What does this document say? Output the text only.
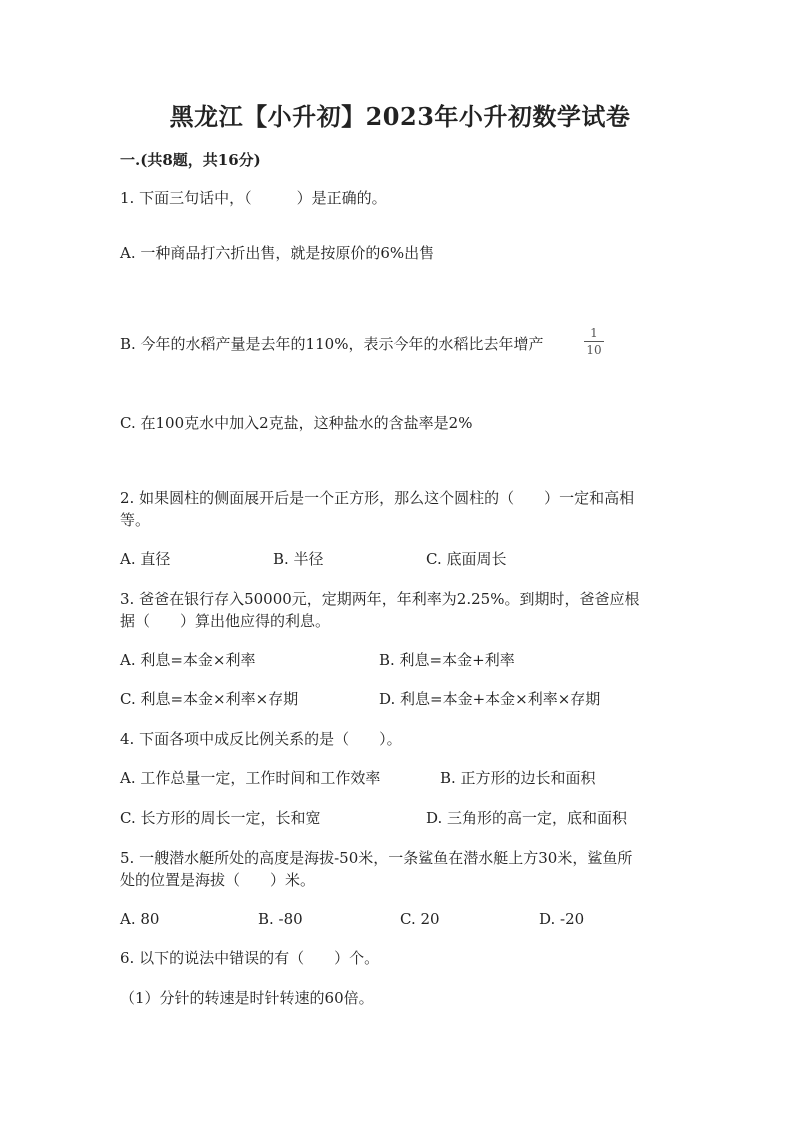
黑龙江【小升初】2023年小升初数学试卷
一.(共8题，共16分)
1. 下面三句话中，（　　　）是正确的。
A. 一种商品打六折出售，就是按原价的6%出售
B. 今年的水稻产量是去年的110%，表示今年的水稻比去年增产	$\frac{1}{10}$
C. 在100克水中加入2克盐，这种盐水的含盐率是2%
2. 如果圆柱的侧面展开后是一个正方形，那么这个圆柱的（　　）一定和高相
等。
A. 直径	B. 半径	C. 底面周长
3. 爸爸在银行存入50000元，定期两年，年利率为2.25%。到期时，爸爸应根
据（　　）算出他应得的利息。
A. 利息=本金×利率	B. 利息=本金+利率
C. 利息=本金×利率×存期	D. 利息=本金+本金×利率×存期
4. 下面各项中成反比例关系的是（　　）。
A. 工作总量一定，工作时间和工作效率	B. 正方形的边长和面积
C. 长方形的周长一定，长和宽	D. 三角形的高一定，底和面积
5. 一艘潜水艇所处的高度是海拔-50米，一条鲨鱼在潜水艇上方30米，鲨鱼所
处的位置是海拔（　　）米。
A. 80	B. -80	C. 20	D. -20
6. 以下的说法中错误的有（　　）个。
（1）分针的转速是时针转速的60倍。
